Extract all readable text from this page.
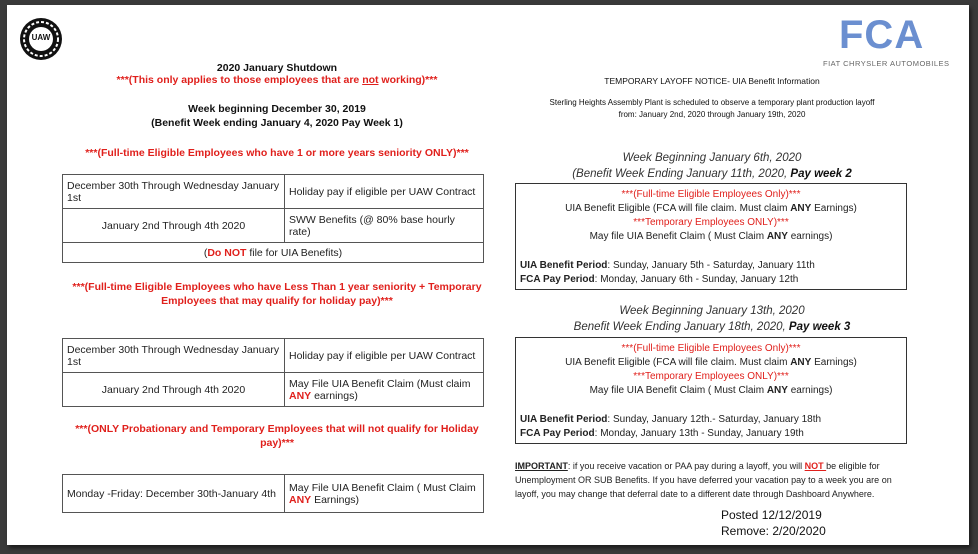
UAW	FCA
FIAT CHRYSLER AUTOMOBILES
2020 January Shutdown
***(This only applies to those employees that are not working)***
Week beginning December 30, 2019
(Benefit Week ending January 4, 2020 Pay Week 1)
***(Full-time Eligible Employees who have 1 or more years seniority ONLY)***
December 30th Through Wednesday January 1st	Holiday pay if eligible per UAW Contract
January 2nd Through 4th 2020	SWW Benefits (@ 80% base hourly rate)
(Do NOT file for UIA Benefits)	
***(Full-time Eligible Employees who have Less Than 1 year seniority + Temporary
Employees that may qualify for holiday pay)***
December 30th Through Wednesday January 1st	Holiday pay if eligible per UAW Contract
January 2nd Through 4th 2020	May File UIA Benefit Claim (Must claim ANY earnings)
***(ONLY Probationary and Temporary Employees that will not qualify for Holiday
pay)***
Monday -Friday: December 30th-January 4th	May File UIA Benefit Claim ( Must Claim ANY Earnings)
TEMPORARY LAYOFF NOTICE- UIA Benefit Information
Sterling Heights Assembly Plant is scheduled to observe a temporary plant production layoff
from: January 2nd, 2020 through January 19th, 2020
Week Beginning January 6th, 2020
(Benefit Week Ending January 11th, 2020, Pay week 2
***(Full-time Eligible Employees Only)***
UIA Benefit Eligible (FCA will file claim. Must claim ANY Earnings)
***Temporary Employees ONLY)***
May file UIA Benefit Claim ( Must Claim ANY earnings)
UIA Benefit Period: Sunday, January 5th - Saturday, January 11th
FCA Pay Period: Monday, January 6th - Sunday, January 12th
Week Beginning January 13th, 2020
Benefit Week Ending January 18th, 2020, Pay week 3
***(Full-time Eligible Employees Only)***
UIA Benefit Eligible (FCA will file claim. Must claim ANY Earnings)
***Temporary Employees ONLY)***
May file UIA Benefit Claim ( Must Claim ANY earnings)
UIA Benefit Period: Sunday, January 12th.- Saturday, January 18th
FCA Pay Period: Monday, January 13th - Sunday, January 19th
IMPORTANT: if you receive vacation or PAA pay during a layoff, you will NOT be eligible for Unemployment OR SUB Benefits. If you have deferred your vacation pay to a week you are on layoff, you may change that deferral date to a different date through Dashboard Anywhere.
Posted 12/12/2019
Remove: 2/20/2020
